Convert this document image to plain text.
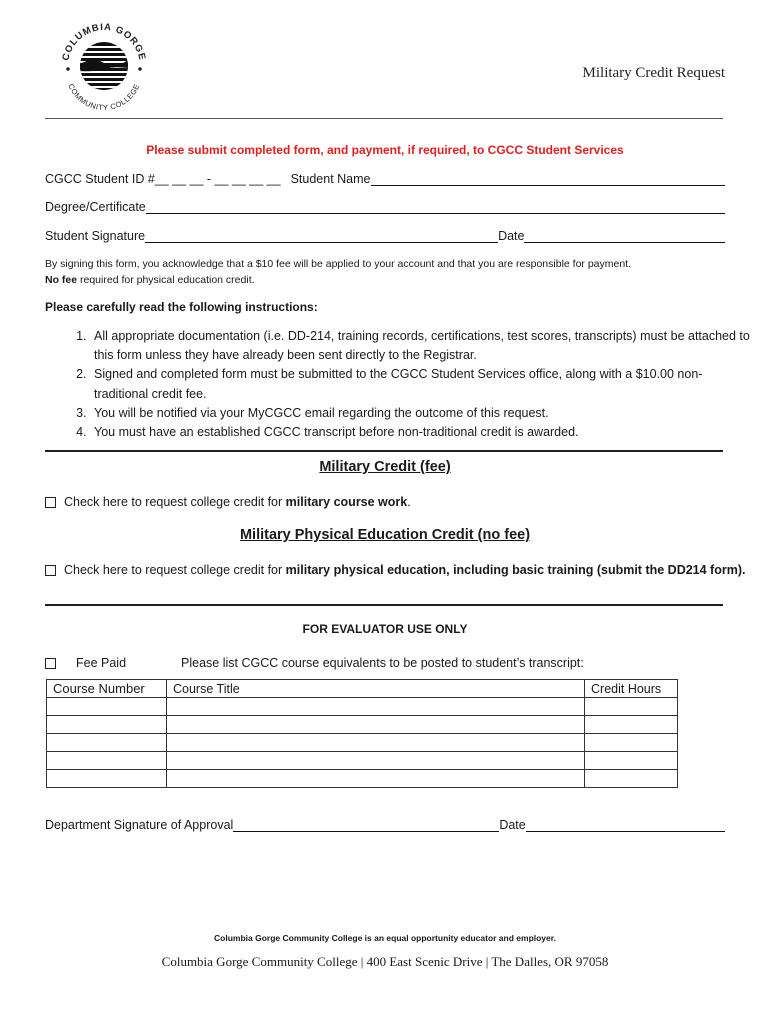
COLUMBIA GORGE
COMMUNITY COLLEGE
Military Credit Request
Please submit completed form, and payment, if required, to CGCC Student Services
CGCC Student ID #__ __ __ - __ __ __ __ Student Name
Degree/Certificate
Student Signature	Date
By signing this form, you acknowledge that a $10 fee will be applied to your account and that you are responsible for payment.
No fee required for physical education credit.
Please carefully read the following instructions:
1. All appropriate documentation (i.e. DD-214, training records, certifications, test scores, transcripts) must be attached to this form unless they have already been sent directly to the Registrar.
2. Signed and completed form must be submitted to the CGCC Student Services office, along with a $10.00 non-traditional credit fee.
3. You will be notified via your MyCGCC email regarding the outcome of this request.
4. You must have an established CGCC transcript before non-traditional credit is awarded.
Military Credit (fee)
Check here to request college credit for military course work.
Military Physical Education Credit (no fee)
Check here to request college credit for military physical education, including basic training (submit the DD214 form).
FOR EVALUATOR USE ONLY
Fee Paid	Please list CGCC course equivalents to be posted to student’s transcript:
Course Number	Course Title	Credit Hours

Department Signature of Approval	Date
Columbia Gorge Community College is an equal opportunity educator and employer.
Columbia Gorge Community College | 400 East Scenic Drive | The Dalles, OR 97058
